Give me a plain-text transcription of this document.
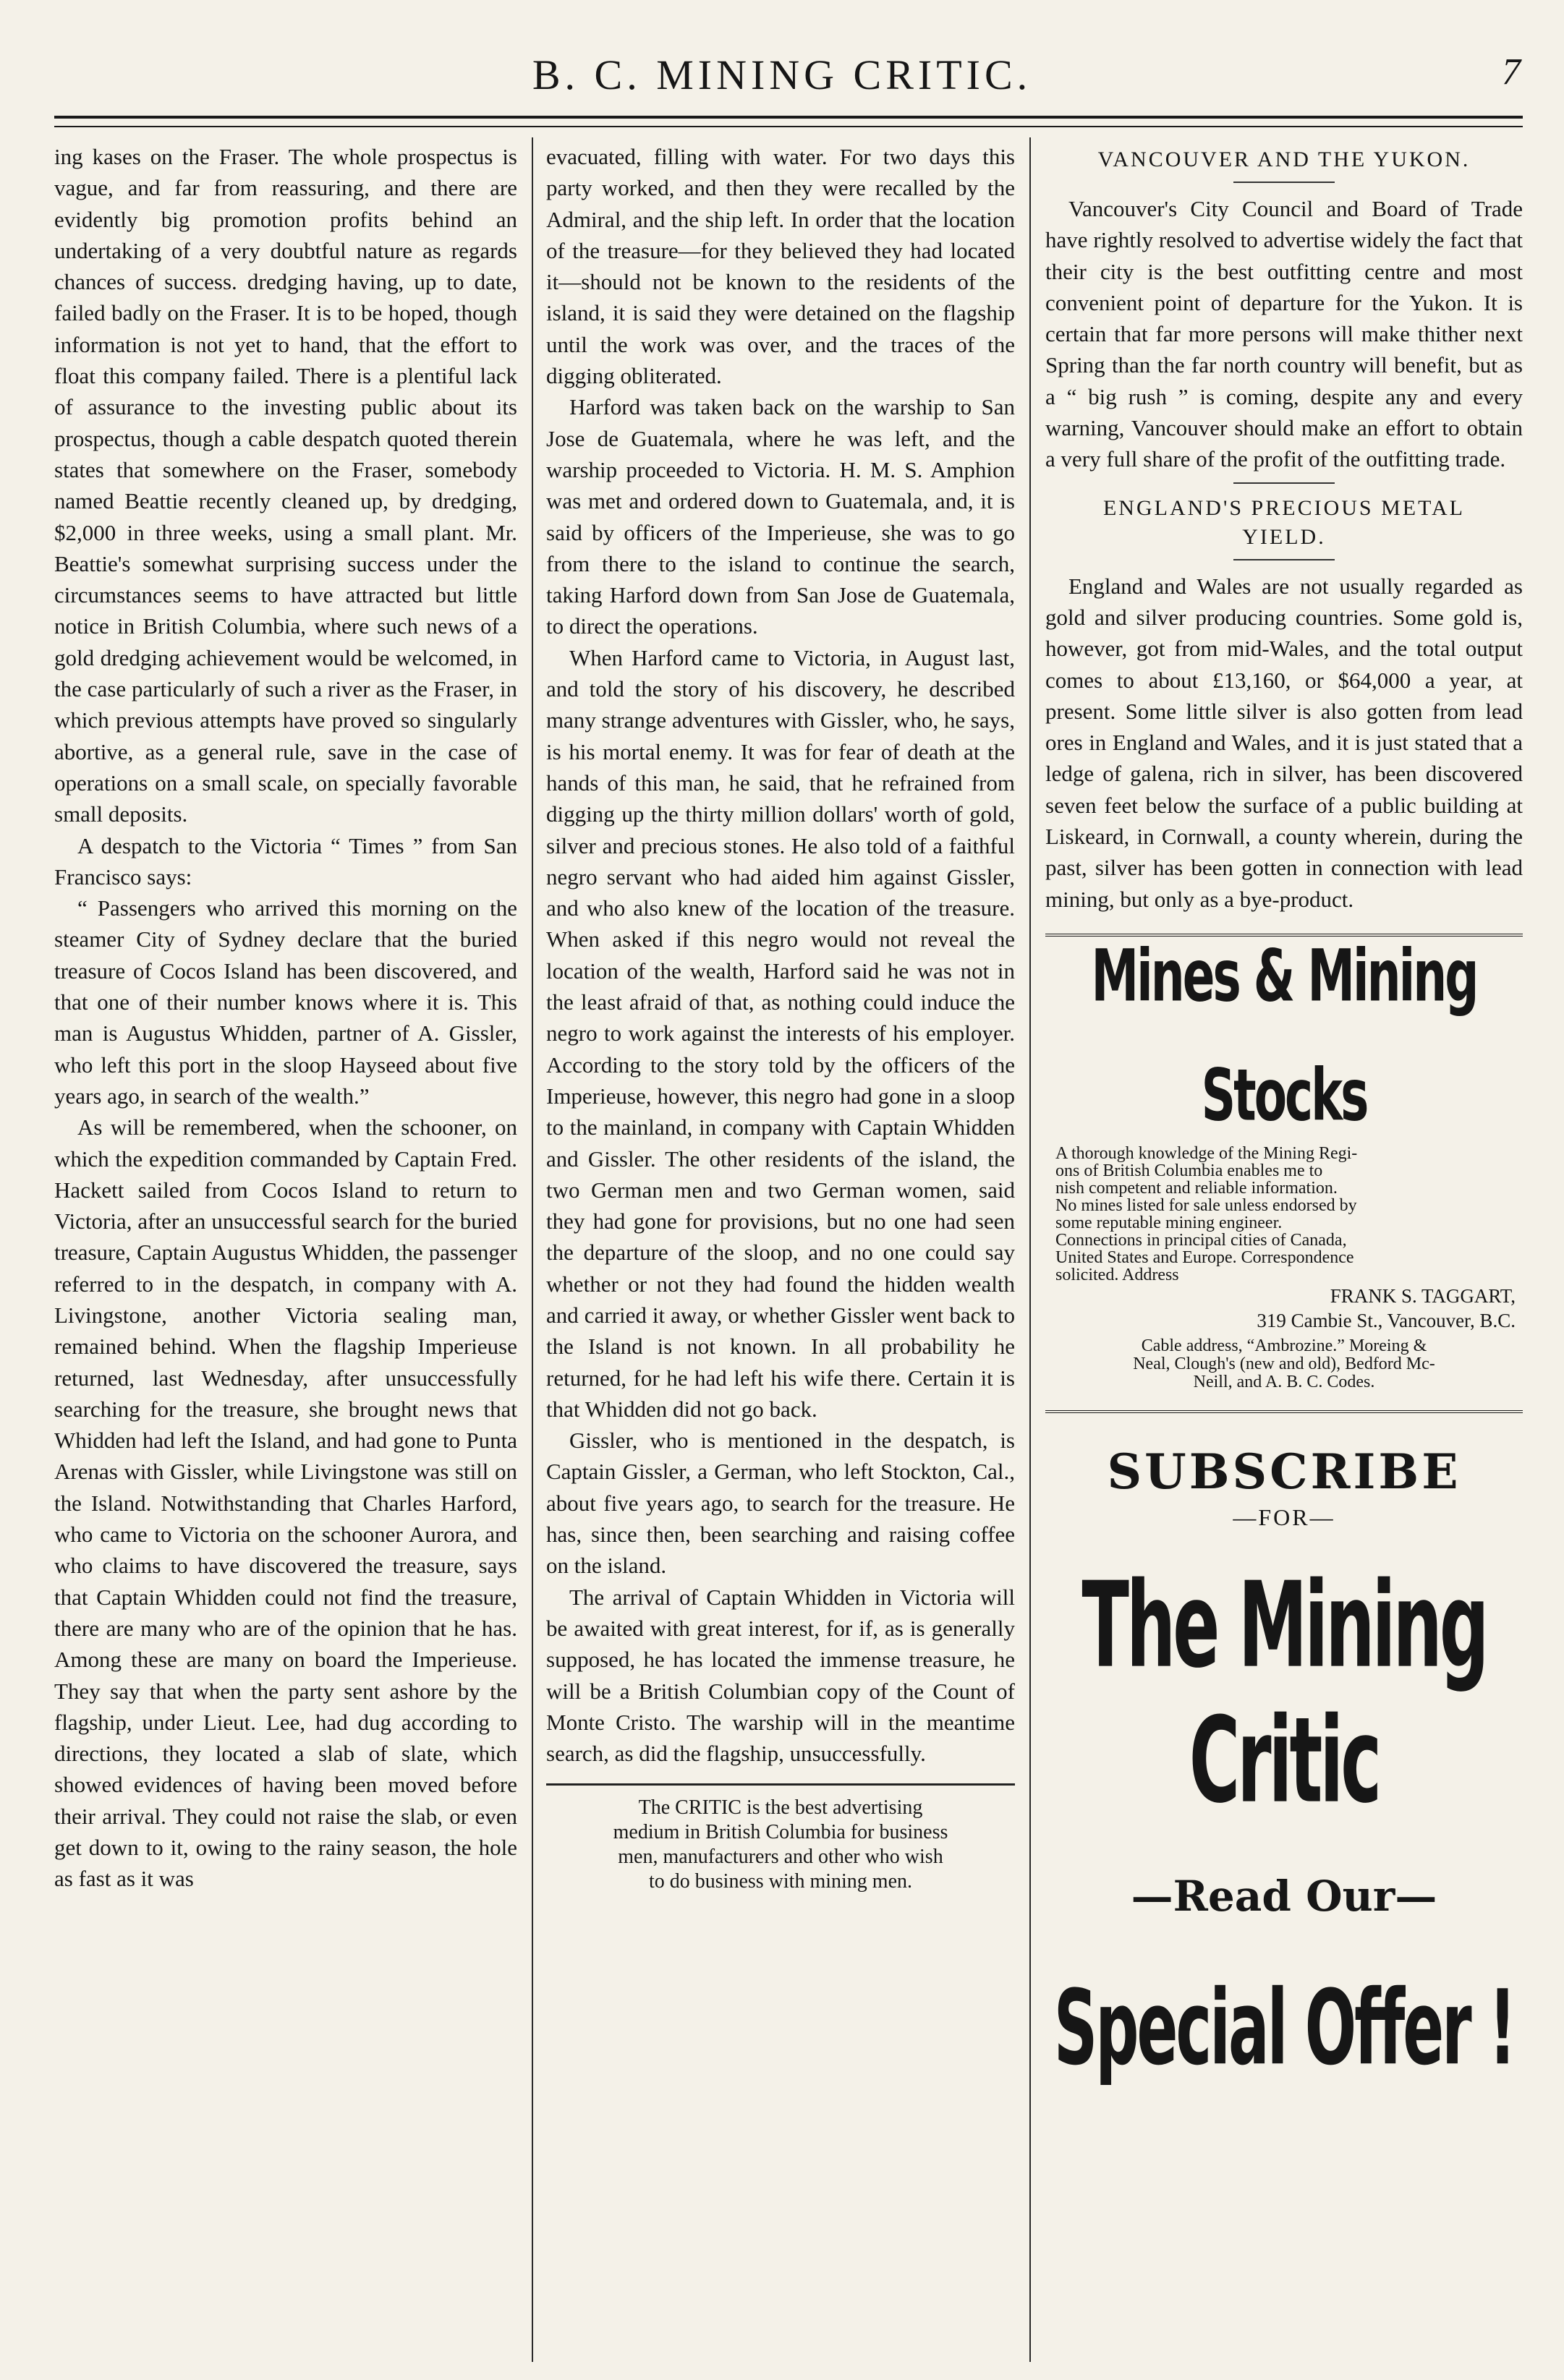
B. C. MINING CRITIC.	7

ing kases on the Fraser. The whole prospectus is vague, and far from reassuring, and there are evidently big promotion profits behind an undertaking of a very doubtful nature as regards chances of success. dredging having, up to date, failed badly on the Fraser. It is to be hoped, though information is not yet to hand, that the effort to float this company failed. There is a plentiful lack of assurance to the investing public about its prospectus, though a cable despatch quoted therein states that somewhere on the Fraser, somebody named Beattie recently cleaned up, by dredging, $2,000 in three weeks, using a small plant. Mr. Beattie's somewhat surprising success under the circumstances seems to have attracted but little notice in British Columbia, where such news of a gold dredging achievement would be welcomed, in the case particularly of such a river as the Fraser, in which previous attempts have proved so singularly abortive, as a general rule, save in the case of operations on a small scale, on specially favorable small deposits.

A despatch to the Victoria “ Times ” from San Francisco says:

“ Passengers who arrived this morning on the steamer City of Sydney declare that the buried treasure of Cocos Island has been discovered, and that one of their number knows where it is. This man is Augustus Whidden, partner of A. Gissler, who left this port in the sloop Hayseed about five years ago, in search of the wealth.”

As will be remembered, when the schooner, on which the expedition commanded by Captain Fred. Hackett sailed from Cocos Island to return to Victoria, after an unsuccessful search for the buried treasure, Captain Augustus Whidden, the passenger referred to in the despatch, in company with A. Livingstone, another Victoria sealing man, remained behind. When the flagship Imperieuse returned, last Wednesday, after unsuccessfully searching for the treasure, she brought news that Whidden had left the Island, and had gone to Punta Arenas with Gissler, while Livingstone was still on the Island. Notwithstanding that Charles Harford, who came to Victoria on the schooner Aurora, and who claims to have discovered the treasure, says that Captain Whidden could not find the treasure, there are many who are of the opinion that he has. Among these are many on board the Imperieuse. They say that when the party sent ashore by the flagship, under Lieut. Lee, had dug according to directions, they located a slab of slate, which showed evidences of having been moved before their arrival. They could not raise the slab, or even get down to it, owing to the rainy season, the hole as fast as it was

evacuated, filling with water. For two days this party worked, and then they were recalled by the Admiral, and the ship left. In order that the location of the treasure—for they believed they had located it—should not be known to the residents of the island, it is said they were detained on the flagship until the work was over, and the traces of the digging obliterated.

Harford was taken back on the warship to San Jose de Guatemala, where he was left, and the warship proceeded to Victoria. H. M. S. Amphion was met and ordered down to Guatemala, and, it is said by officers of the Imperieuse, she was to go from there to the island to continue the search, taking Harford down from San Jose de Guatemala, to direct the operations.

When Harford came to Victoria, in August last, and told the story of his discovery, he described many strange adventures with Gissler, who, he says, is his mortal enemy. It was for fear of death at the hands of this man, he said, that he refrained from digging up the thirty million dollars' worth of gold, silver and precious stones. He also told of a faithful negro servant who had aided him against Gissler, and who also knew of the location of the treasure. When asked if this negro would not reveal the location of the wealth, Harford said he was not in the least afraid of that, as nothing could induce the negro to work against the interests of his employer. According to the story told by the officers of the Imperieuse, however, this negro had gone in a sloop to the mainland, in company with Captain Whidden and Gissler. The other residents of the island, the two German men and two German women, said they had gone for provisions, but no one had seen the departure of the sloop, and no one could say whether or not they had found the hidden wealth and carried it away, or whether Gissler went back to the Island is not known. In all probability he returned, for he had left his wife there. Certain it is that Whidden did not go back.

Gissler, who is mentioned in the despatch, is Captain Gissler, a German, who left Stockton, Cal., about five years ago, to search for the treasure. He has, since then, been searching and raising coffee on the island.

The arrival of Captain Whidden in Victoria will be awaited with great interest, for if, as is generally supposed, he has located the immense treasure, he will be a British Columbian copy of the Count of Monte Cristo. The warship will in the meantime search, as did the flagship, unsuccessfully.

The CRITIC is the best advertising
medium in British Columbia for business
men, manufacturers and other who wish
to do business with mining men.
VANCOUVER AND THE YUKON.

Vancouver's City Council and Board of Trade have rightly resolved to advertise widely the fact that their city is the best outfitting centre and most convenient point of departure for the Yukon. It is certain that far more persons will make thither next Spring than the far north country will benefit, but as a “ big rush ” is coming, despite any and every warning, Vancouver should make an effort to obtain a very full share of the profit of the outfitting trade.

ENGLAND'S PRECIOUS METAL
YIELD.

England and Wales are not usually regarded as gold and silver producing countries. Some gold is, however, got from mid-Wales, and the total output comes to about £13,160, or $64,000 a year, at present. Some little silver is also gotten from lead ores in England and Wales, and it is just stated that a ledge of galena, rich in silver, has been discovered seven feet below the surface of a public building at Liskeard, in Cornwall, a county wherein, during the past, silver has been gotten in connection with lead mining, but only as a bye-product.

Mines & Mining Stocks
A thorough knowledge of the Mining Regi-
ons of British Columbia enables me to
nish competent and reliable information.
No mines listed for sale unless endorsed by
some reputable mining engineer.
Connections in principal cities of Canada,
United States and Europe. Correspondence
solicited. Address
FRANK S. TAGGART,
319 Cambie St., Vancouver, B.C.
Cable address, “Ambrozine.” Moreing &
Neal, Clough's (new and old), Bedford Mc-
Neill, and A. B. C. Codes.
SUBSCRIBE
—FOR—
The Mining Critic
—Read Our—
Special Offer !
